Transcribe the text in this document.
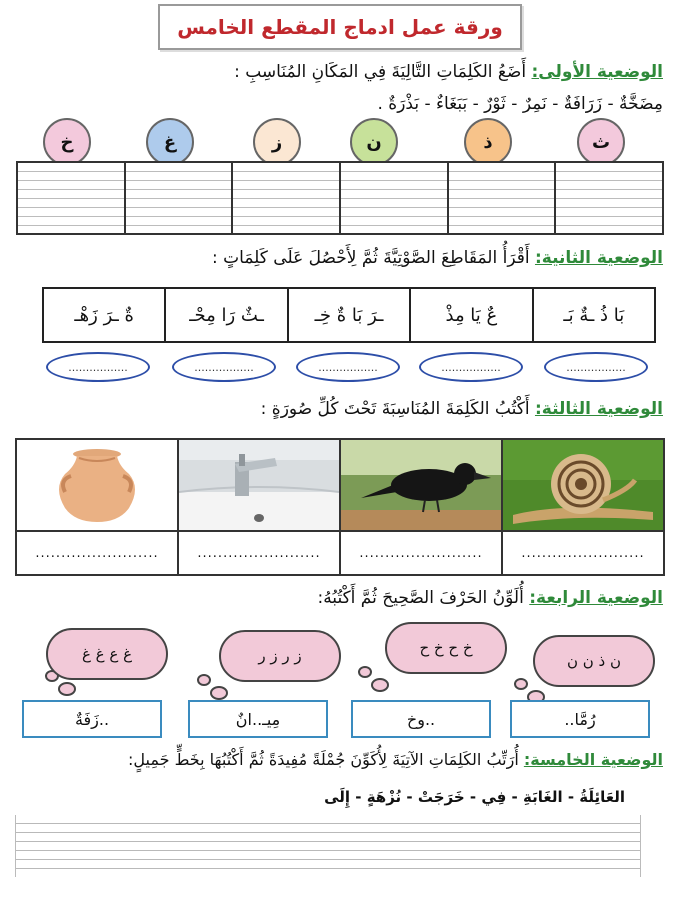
ورقة عمل ادماج المقطع الخامس
الوضعية الأولى: أَضَعُ الكَلِمَاتِ التَّالِيَةَ فِي المَكَانِ المُنَاسِبِ :
مِضَخَّةٌ - زَرَافَةٌ - نَمِرٌ - ثَوْرٌ - بَبَغَاءٌ - بَذْرَةٌ .
ث
ذ
ن
ز
غ
خ
الوضعية الثانية: أَقْرَأُ المَقَاطِعَ الصَّوْتِيَّةَ ثُمَّ لِأَحْصُلَ عَلَى كَلِمَاتٍ :
بَا ذُ ـةٌ بَـ
عٌ يَا مِذْ
ـرَ بَا ةٌ خِـ
ـثٌ رَا مِحْـ
ةٌ ـرَ زَهْـ
.................
.................
.................
.................
.................
الوضعية الثالثة: أَكْتُبُ الكَلِمَةَ المُنَاسِبَةَ تَحْتَ كُلِّ صُورَةٍ :
........................
........................
........................
........................
الوضعية الرابعة: أُلَوِّنُ الحَرْفَ الصَّحِيحَ ثُمَّ أَكْتُبُهُ:
ن ذ ن ن
خ ح خ ح
ز ر ز ر
غ ع غ غ
رُمَّا..
..وخ
مِيـ..انٌ
..زَفَةٌ
الوضعية الخامسة: أُرَتِّبُ الكَلِمَاتِ الآتِيَةَ لِأُكَوِّنَ جُمْلَةً مُفِيدَةً ثُمَّ أَكْتُبُهَا بِخَطٍّ جَمِيلٍ:
العَائِلَةُ - الغَابَةِ - فِي - خَرَجَتْ - نُزْهَةٍ - إِلَى
